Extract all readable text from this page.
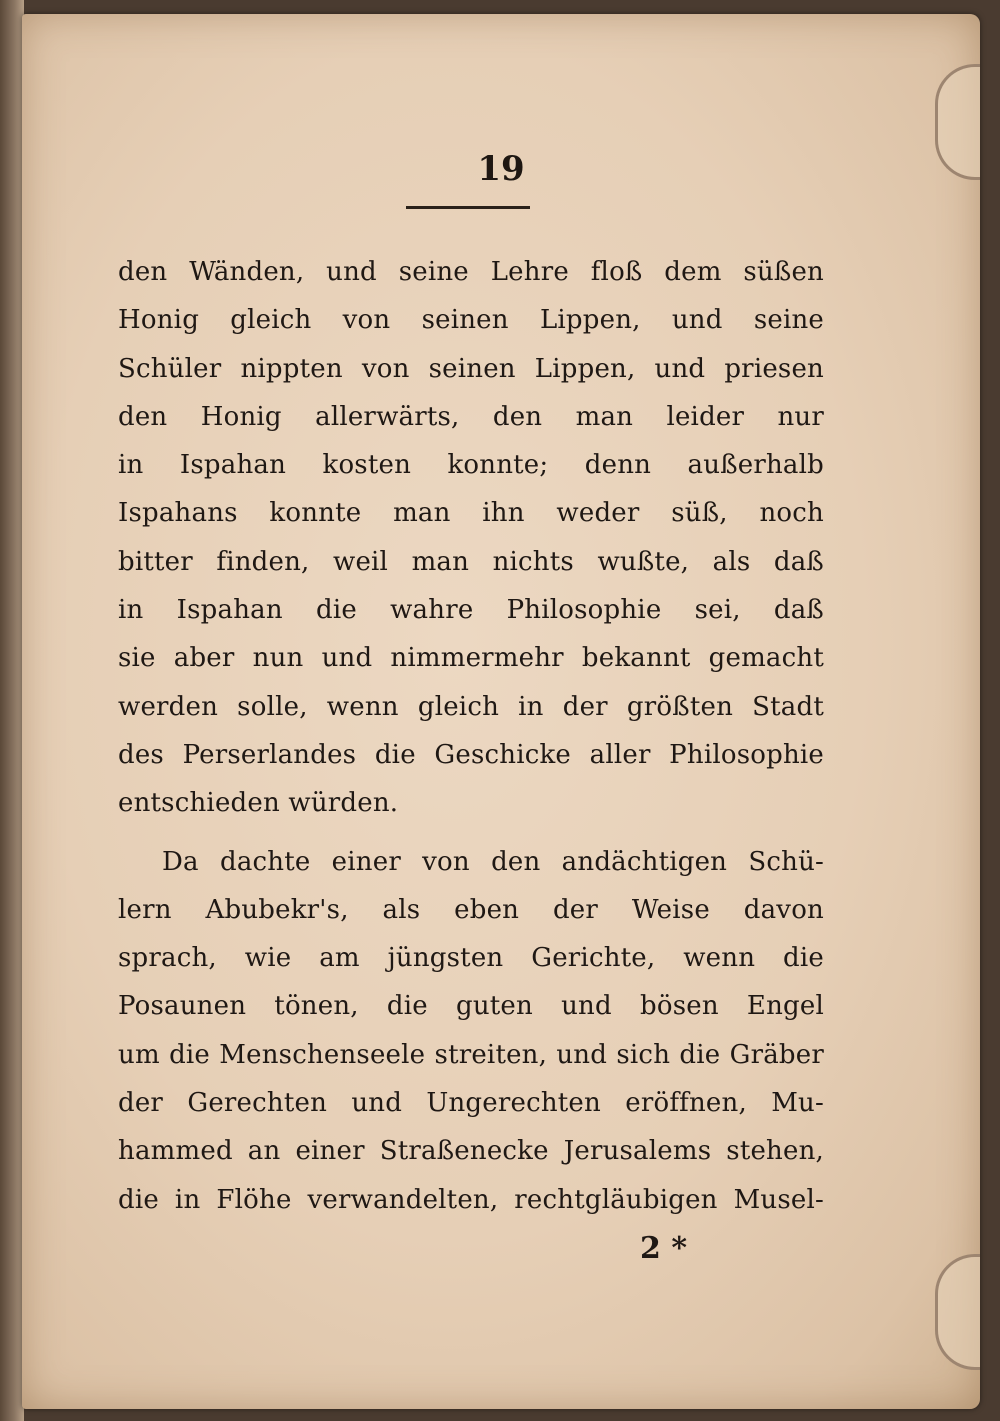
19
den Wänden, und seine Lehre floß dem süßen
Honig gleich von seinen Lippen, und seine
Schüler nippten von seinen Lippen, und priesen
den Honig allerwärts, den man leider nur
in Ispahan kosten konnte; denn außerhalb
Ispahans konnte man ihn weder süß, noch
bitter finden, weil man nichts wußte, als daß
in Ispahan die wahre Philosophie sei, daß
sie aber nun und nimmermehr bekannt gemacht
werden solle, wenn gleich in der größten Stadt
des Perserlandes die Geschicke aller Philosophie
entschieden würden.
Da dachte einer von den andächtigen Schü-
lern Abubekr's, als eben der Weise davon
sprach, wie am jüngsten Gerichte, wenn die
Posaunen tönen, die guten und bösen Engel
um die Menschenseele streiten, und sich die Gräber
der Gerechten und Ungerechten eröffnen, Mu-
hammed an einer Straßenecke Jerusalems stehen,
die in Flöhe verwandelten, rechtgläubigen Musel-
2 *
